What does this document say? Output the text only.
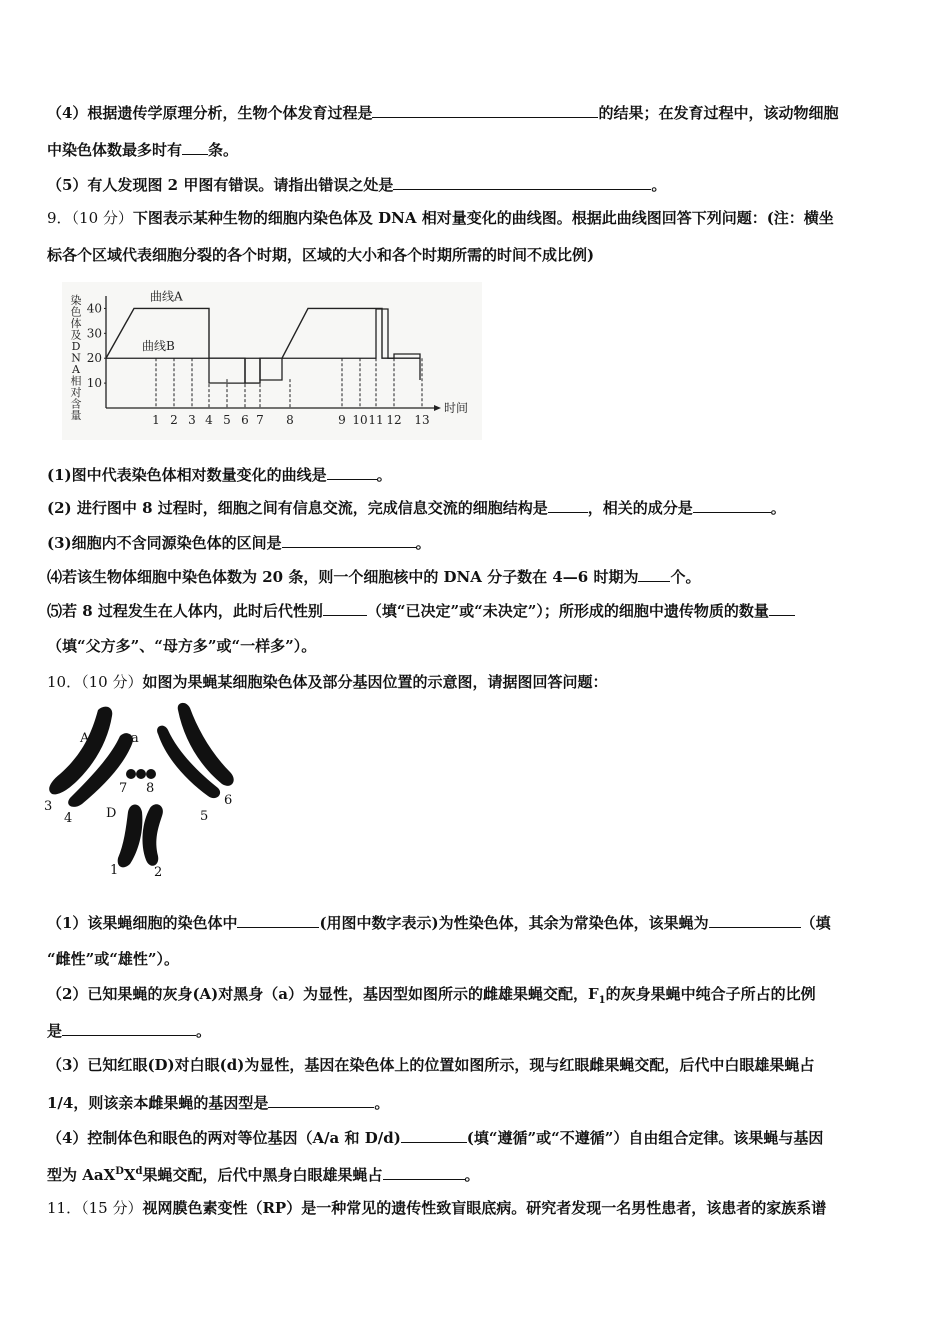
（4）根据遗传学原理分析，生物个体发育过程是	的结果；在发育过程中，该动物细胞
中染色体数最多时有 条。
（5）有人发现图 2 甲图有错误。请指出错误之处是	。
9．（10 分）下图表示某种生物的细胞内染色体及 DNA 相对量变化的曲线图。根据此曲线图回答下列问题：(注：横坐
标各个区域代表细胞分裂的各个时期，区域的大小和各个时期所需的时间不成比例)
染
色
体
及
D
N
A
相
对
含
量
10
20
30
40
1 2 3 4 5 6 7 8	9 10 11 12 13
时间
曲线A
曲线B
(1)图中代表染色体相对数量变化的曲线是	。
(2) 进行图中 8 过程时，细胞之间有信息交流，完成信息交流的细胞结构是	，相关的成分是	。
(3)细胞内不含同源染色体的区间是	。
⑷若该生物体细胞中染色体数为 20 条，则一个细胞核中的 DNA 分子数在 4—6 时期为 个。
⑸若 8 过程发生在人体内，此时后代性别	（填“已决定”或“未决定”）；所形成的细胞中遗传物质的数量
（填“父方多”、“母方多”或“一样多”）。
10．（10 分）如图为果蝇某细胞染色体及部分基因位置的示意图，请据图回答问题：
A	a
D
3
4
7 8
5
6
1	2
（1）该果蝇细胞的染色体中	(用图中数字表示)为性染色体，其余为常染色体，该果蝇为	（填
“雌性”或“雄性”）。
（2）已知果蝇的灰身(A)对黑身（a）为显性，基因型如图所示的雌雄果蝇交配，$F_1$的灰身果蝇中纯合子所占的比例
是	。
（3）已知红眼(D)对白眼(d)为显性，基因在染色体上的位置如图所示，现与红眼雌果蝇交配，后代中白眼雄果蝇占
1/4，则该亲本雌果蝇的基因型是	。
（4）控制体色和眼色的两对等位基因（A/a 和 D/d)	(填“遵循”或“不遵循”）自由组合定律。该果蝇与基因
型为 $AaX^DX^d$果蝇交配，后代中黑身白眼雄果蝇占	。
11．（15 分）视网膜色素变性（RP）是一种常见的遗传性致盲眼底病。研究者发现一名男性患者，该患者的家族系谱
